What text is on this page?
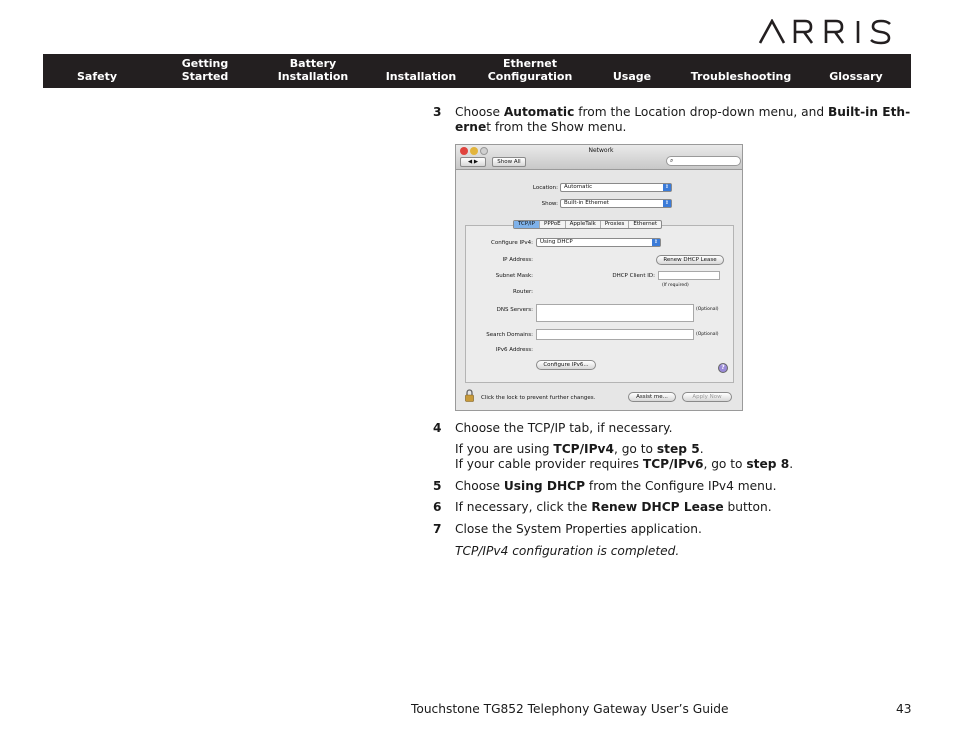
Safety
Getting
Started
Battery
Installation	Installation
Ethernet
Configuration	Usage	Troubleshooting	Glossary
3 Choose Automatic from the Location drop-down menu, and Built-in Eth-
ernet from the Show menu.
4 Choose the TCP/IP tab, if necessary.
If you are using TCP/IPv4, go to step 5.
If your cable provider requires TCP/IPv6, go to step 8.
5 Choose Using DHCP from the Configure IPv4 menu.
6 If necessary, click the Renew DHCP Lease button.
7 Close the System Properties application.
TCP/IPv4 configuration is completed.
Network
◀ ▶	Show All	⌕
Location:	Automatic	⇕
Show:	Built-in Ethernet	⇕
Configure IPv4:	Using DHCP	⇕
IP Address:	Renew DHCP Lease
Subnet Mask:	DHCP Client ID:
(If required)
Router:
DNS Servers:	(Optional)
Search Domains:	(Optional)
IPv6 Address:
Configure IPv6...
TCP/IP	PPPoE	AppleTalk	Proxies	Ethernet
?
Click the lock to prevent further changes.	Assist me...	Apply Now
Touchstone TG852 Telephony Gateway User’s Guide	43
